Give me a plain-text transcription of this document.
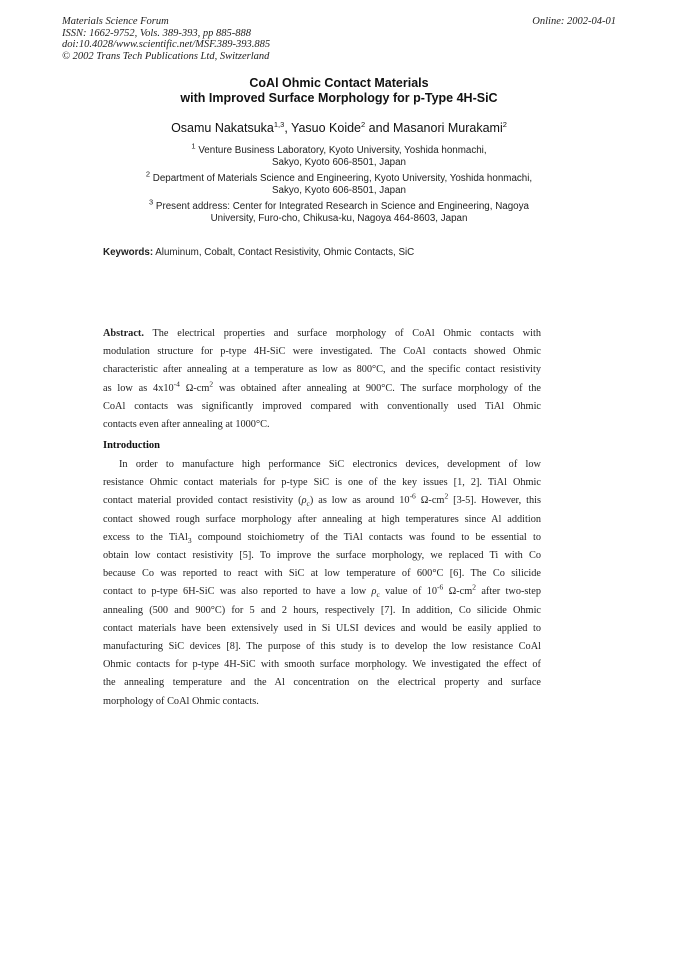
Materials Science Forum
ISSN: 1662-9752, Vols. 389-393, pp 885-888
doi:10.4028/www.scientific.net/MSF.389-393.885
© 2002 Trans Tech Publications Ltd, Switzerland
Online: 2002-04-01
CoAl Ohmic Contact Materials
with Improved Surface Morphology for p-Type 4H-SiC
Osamu Nakatsuka$^{1,3}$, Yasuo Koide$^2$ and Masanori Murakami$^2$
$^1$ Venture Business Laboratory, Kyoto University, Yoshida honmachi,
Sakyo, Kyoto 606-8501, Japan
$^2$ Department of Materials Science and Engineering, Kyoto University, Yoshida honmachi,
Sakyo, Kyoto 606-8501, Japan
$^3$ Present address: Center for Integrated Research in Science and Engineering, Nagoya
University, Furo-cho, Chikusa-ku, Nagoya 464-8603, Japan
Keywords: Aluminum, Cobalt, Contact Resistivity, Ohmic Contacts, SiC
Abstract. The electrical properties and surface morphology of CoAl Ohmic contacts with
modulation structure for p-type 4H-SiC were investigated. The CoAl contacts showed Ohmic
characteristic after annealing at a temperature as low as 800°C, and the specific contact resistivity
as low as $4x10^{-4}$ $\Omega-cm^2$ was obtained after annealing at 900°C. The surface morphology of the
CoAl contacts was significantly improved compared with conventionally used TiAl Ohmic
contacts even after annealing at 1000°C.
Introduction
In order to manufacture high performance SiC electronics devices, development of low
resistance Ohmic contact materials for p-type SiC is one of the key issues [1, 2]. TiAl Ohmic
contact material provided contact resistivity $(\rho_c)$ as low as around $10^{-6}$ $\Omega-cm^2$ [3-5]. However, this
contact showed rough surface morphology after annealing at high temperatures since Al addition
excess to the TiAl$_3$ compound stoichiometry of the TiAl contacts was found to be essential to
obtain low contact resistivity [5]. To improve the surface morphology, we replaced Ti with Co
because Co was reported to react with SiC at low temperature of 600°C [6]. The Co silicide
contact to p-type 6H-SiC was also reported to have a low $\rho_c$ value of $10^{-6}$ $\Omega-cm^2$ after two-step
annealing (500 and 900°C) for 5 and 2 hours, respectively [7]. In addition, Co silicide Ohmic
contact materials have been extensively used in Si ULSI devices and would be easily applied to
manufacturing SiC devices [8]. The purpose of this study is to develop the low resistance CoAl
Ohmic contacts for p-type 4H-SiC with smooth surface morphology. We investigated the effect of
the annealing temperature and the Al concentration on the electrical property and surface
morphology of CoAl Ohmic contacts.
